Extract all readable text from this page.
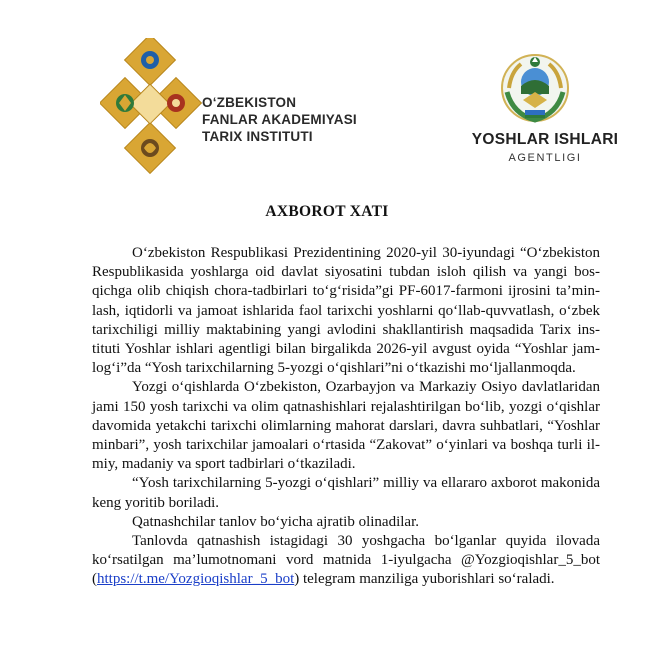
O‘ZBEKISTON
FANLAR AKADEMIYASI
TARIX INSTITUTI	YOSHLAR ISHLARI
AGENTLIGI
AXBOROT XATI

O‘zbekiston Respublikasi Prezidentining 2020-yil 30-iyundagi “O‘zbekiston Respublikasida yoshlarga oid davlat siyosatini tubdan isloh qilish va yangi bosqichga olib chiqish chora-tadbirlari to‘g‘risida”gi PF-6017-farmoni ijrosini ta’minlash, iqtidorli va jamoat ishlarida faol tarixchi yoshlarni qo‘llab-quvvatlash, o‘zbek tarixchiligi milliy maktabining yangi avlodini shakllantirish maqsadida Tarix instituti Yoshlar ishlari agentligi bilan birgalikda 2026-yil avgust oyida “Yoshlar jamlog‘i”da “Yosh tarixchilarning 5-yozgi o‘qishlari”ni o‘tkazishi mo‘ljallanmoqda.

Yozgi o‘qishlarda O‘zbekiston, Ozarbayjon va Markaziy Osiyo davlatlaridan jami 150 yosh tarixchi va olim qatnashishlari rejalashtirilgan bo‘lib, yozgi o‘qishlar davomida yetakchi tarixchi olimlarning mahorat darslari, davra suhbatlari, “Yoshlar minbari”, yosh tarixchilar jamoalari o‘rtasida “Zakovat” o‘yinlari va boshqa turli ilmiy, madaniy va sport tadbirlari o‘tkaziladi.

“Yosh tarixchilarning 5-yozgi o‘qishlari” milliy va ellararo axborot makonida keng yoritib boriladi.

Qatnashchilar tanlov bo‘yicha ajratib olinadilar.

Tanlovda qatnashish istagidagi 30 yoshgacha bo‘lganlar quyida ilovada ko‘rsatilgan ma’lumotnomani vord matnida 1-iyulgacha @Yozgioqishlar_5_bot (https://t.me/Yozgioqishlar_5_bot) telegram manziliga yuborishlari so‘raladi.
